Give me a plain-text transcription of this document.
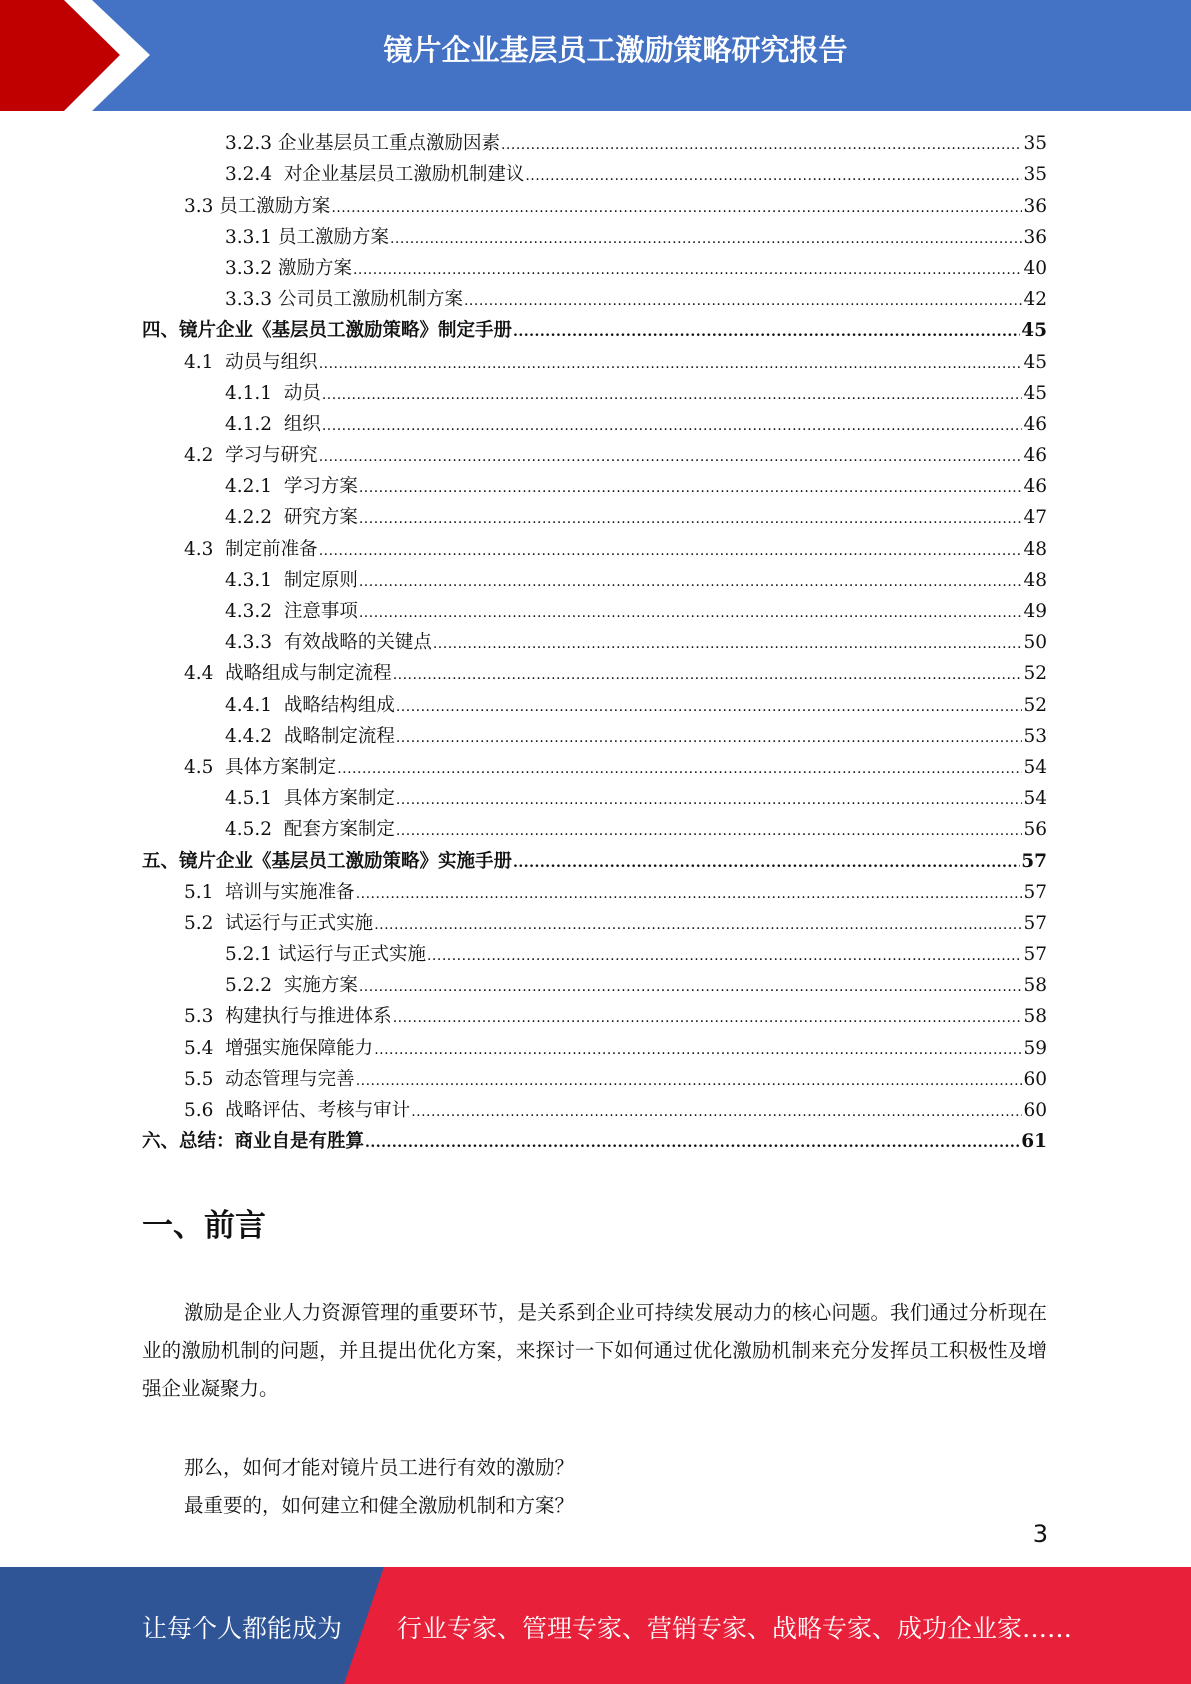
镜片企业基层员工激励策略研究报告
3.2.3 企业基层员工重点激励因素 .....	35
3.2.4  对企业基层员工激励机制建议 .....	35
3.3 员工激励方案 .....	36
3.3.1 员工激励方案 .....	36
3.3.2 激励方案 .....	40
3.3.3 公司员工激励机制方案 .....	42
四、镜片企业《基层员工激励策略》制定手册 .....	45
4.1  动员与组织 .....	45
4.1.1  动员 .....	45
4.1.2  组织 .....	46
4.2  学习与研究 .....	46
4.2.1  学习方案 .....	46
4.2.2  研究方案 .....	47
4.3  制定前准备 .....	48
4.3.1  制定原则 .....	48
4.3.2  注意事项 .....	49
4.3.3  有效战略的关键点 .....	50
4.4  战略组成与制定流程 .....	52
4.4.1  战略结构组成 .....	52
4.4.2  战略制定流程 .....	53
4.5  具体方案制定 .....	54
4.5.1  具体方案制定 .....	54
4.5.2  配套方案制定 .....	56
五、镜片企业《基层员工激励策略》实施手册 .....	57
5.1  培训与实施准备 .....	57
5.2  试运行与正式实施 .....	57
5.2.1 试运行与正式实施 .....	57
5.2.2  实施方案 .....	58
5.3  构建执行与推进体系 .....	58
5.4  增强实施保障能力 .....	59
5.5  动态管理与完善 .....	60
5.6  战略评估、考核与审计 .....	60
六、总结：商业自是有胜算 .....	61
一、前言
激励是企业人力资源管理的重要环节，是关系到企业可持续发展动力的核心问题。我们通过分析现在业的激励机制的问题，并且提出优化方案，来探讨一下如何通过优化激励机制来充分发挥员工积极性及增强企业凝聚力。
那么，如何才能对镜片员工进行有效的激励？
最重要的，如何建立和健全激励机制和方案？
3
让每个人都能成为 行业专家、管理专家、营销专家、战略专家、成功企业家……
